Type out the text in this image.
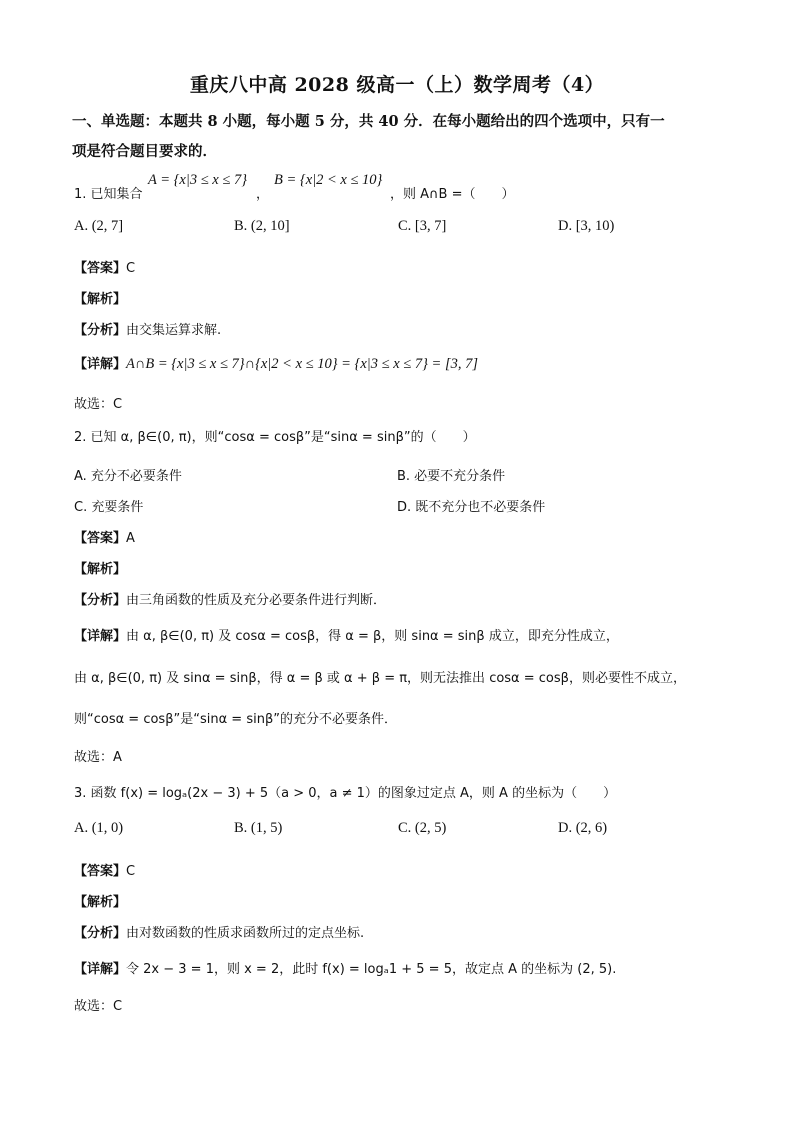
重庆八中高 2028 级高一（上）数学周考（4）
一、单选题：本题共 8 小题，每小题 5 分，共 40 分．在每小题给出的四个选项中，只有一
项是符合题目要求的．
1. 已知集合
A = {x|3 ≤ x ≤ 7}
，
B = {x|2 < x ≤ 10}
，则 A∩B =（　　）
A. (2, 7]	B. (2, 10]	C. [3, 7]	D. [3, 10)
【答案】C
【解析】
【分析】由交集运算求解.
【详解】A∩B = {x|3 ≤ x ≤ 7}∩{x|2 < x ≤ 10} = {x|3 ≤ x ≤ 7} = [3, 7]
故选：C
2. 已知 α, β∈(0, π)，则“cosα = cosβ”是“sinα = sinβ”的（　　）
A. 充分不必要条件	B. 必要不充分条件
C. 充要条件	D. 既不充分也不必要条件
【答案】A
【解析】
【分析】由三角函数的性质及充分必要条件进行判断．
【详解】由 α, β∈(0, π) 及 cosα = cosβ，得 α = β，则 sinα = sinβ 成立，即充分性成立，
由 α, β∈(0, π) 及 sinα = sinβ，得 α = β 或 α + β = π，则无法推出 cosα = cosβ，则必要性不成立，
则“cosα = cosβ”是“sinα = sinβ”的充分不必要条件．
故选：A
3. 函数 f(x) = logₐ(2x − 3) + 5（a > 0，a ≠ 1）的图象过定点 A，则 A 的坐标为（　　）
A. (1, 0)	B. (1, 5)	C. (2, 5)	D. (2, 6)
【答案】C
【解析】
【分析】由对数函数的性质求函数所过的定点坐标.
【详解】令 2x − 3 = 1，则 x = 2，此时 f(x) = logₐ1 + 5 = 5，故定点 A 的坐标为 (2, 5).
故选：C
